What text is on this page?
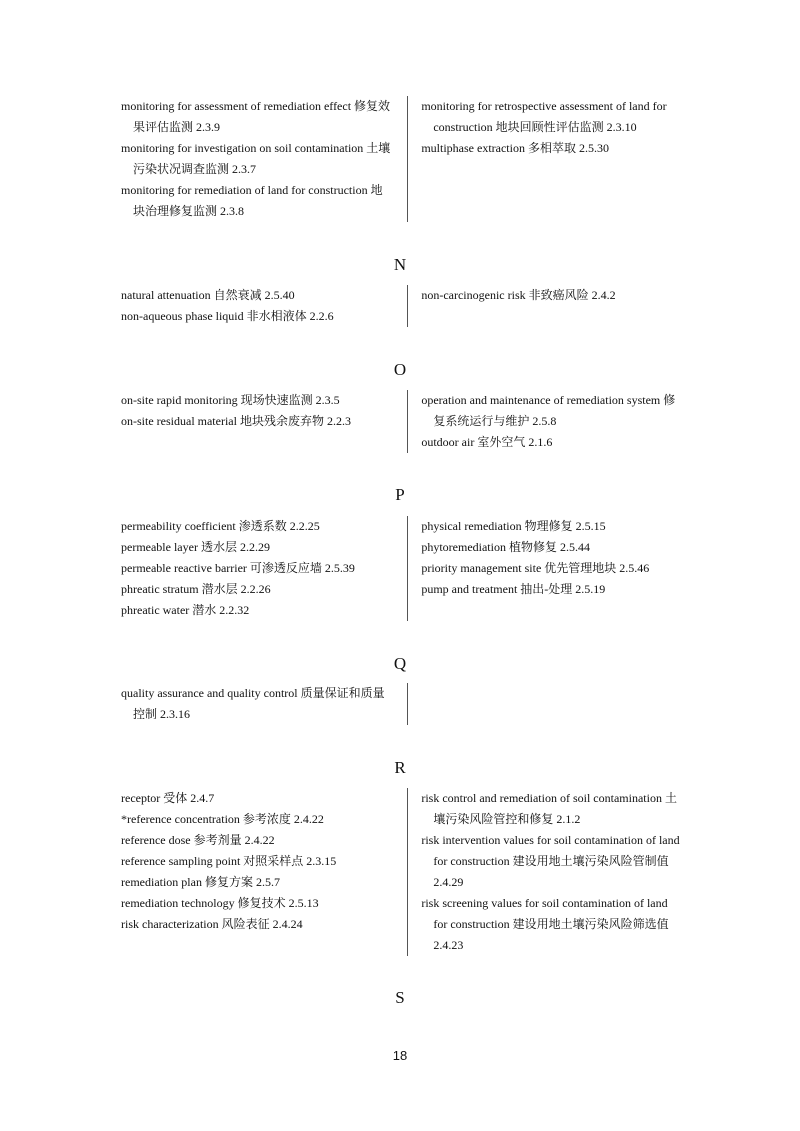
monitoring for assessment of remediation effect 修复效果评估监测 2.3.9
monitoring for investigation on soil contamination 土壤污染状况调查监测 2.3.7
monitoring for remediation of land for construction 地块治理修复监测 2.3.8
monitoring for retrospective assessment of land for construction 地块回顾性评估监测 2.3.10
multiphase extraction 多相萃取 2.5.30
N
natural attenuation 自然衰减 2.5.40
non-aqueous phase liquid 非水相液体 2.2.6
non-carcinogenic risk 非致癌风险 2.4.2
O
on-site rapid monitoring 现场快速监测 2.3.5
on-site residual material 地块残余废弃物 2.2.3
operation and maintenance of remediation system 修复系统运行与维护 2.5.8
outdoor air 室外空气 2.1.6
P
permeability coefficient 渗透系数 2.2.25
permeable layer 透水层 2.2.29
permeable reactive barrier 可渗透反应墙 2.5.39
phreatic stratum 潜水层 2.2.26
phreatic water 潜水 2.2.32
physical remediation 物理修复 2.5.15
phytoremediation 植物修复 2.5.44
priority management site 优先管理地块 2.5.46
pump and treatment 抽出-处理 2.5.19
Q
quality assurance and quality control 质量保证和质量控制 2.3.16
R
receptor 受体 2.4.7
*reference concentration 参考浓度 2.4.22
reference dose 参考剂量 2.4.22
reference sampling point 对照采样点 2.3.15
remediation plan 修复方案 2.5.7
remediation technology 修复技术 2.5.13
risk characterization 风险表征 2.4.24
risk control and remediation of soil contamination 土壤污染风险管控和修复 2.1.2
risk intervention values for soil contamination of land for construction 建设用地土壤污染风险管制值 2.4.29
risk screening values for soil contamination of land for construction 建设用地土壤污染风险筛选值 2.4.23
S
18
